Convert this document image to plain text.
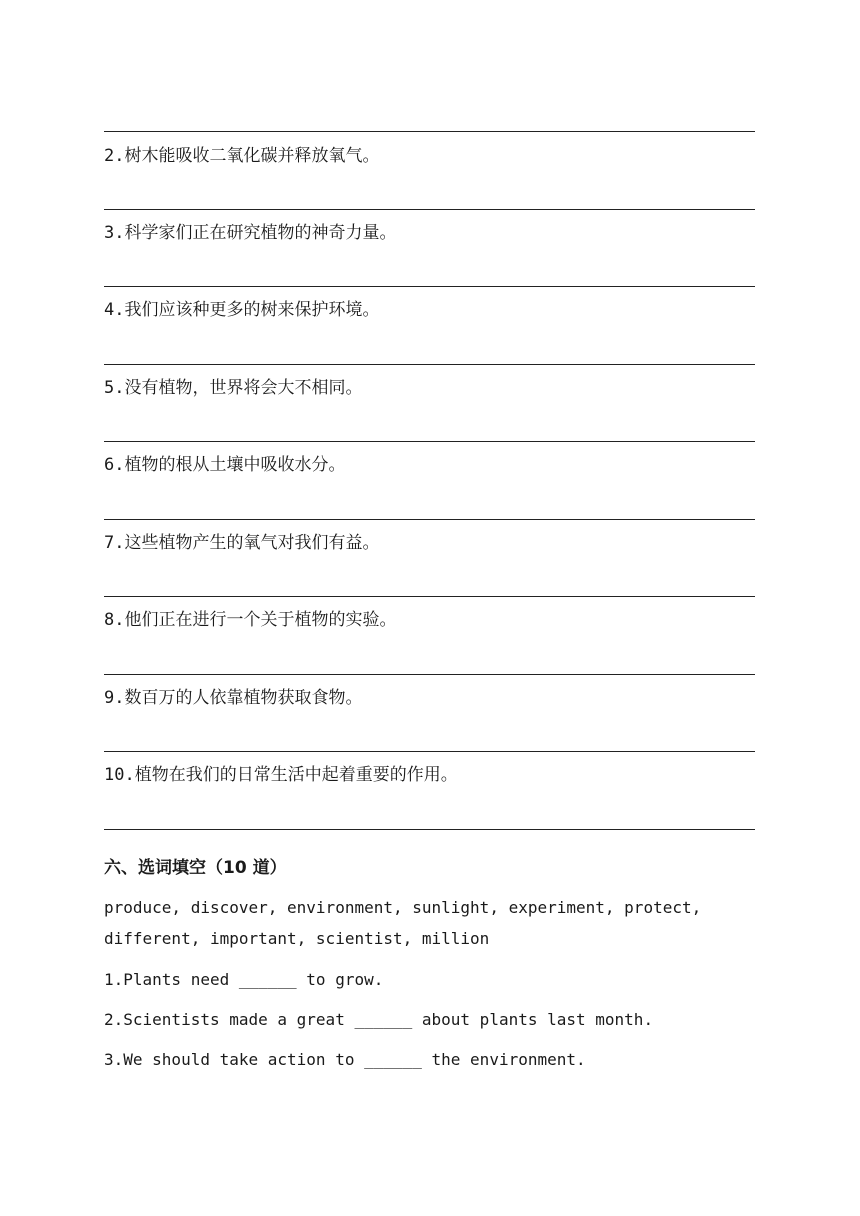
2.树木能吸收二氧化碳并释放氧气。
3.科学家们正在研究植物的神奇力量。
4.我们应该种更多的树来保护环境。
5.没有植物，世界将会大不相同。
6.植物的根从土壤中吸收水分。
7.这些植物产生的氧气对我们有益。
8.他们正在进行一个关于植物的实验。
9.数百万的人依靠植物获取食物。
10.植物在我们的日常生活中起着重要的作用。
六、选词填空（10 道）
produce, discover, environment, sunlight, experiment, protect, different, important, scientist, million
1.Plants need ______ to grow.
2.Scientists made a great ______ about plants last month.
3.We should take action to ______ the environment.
